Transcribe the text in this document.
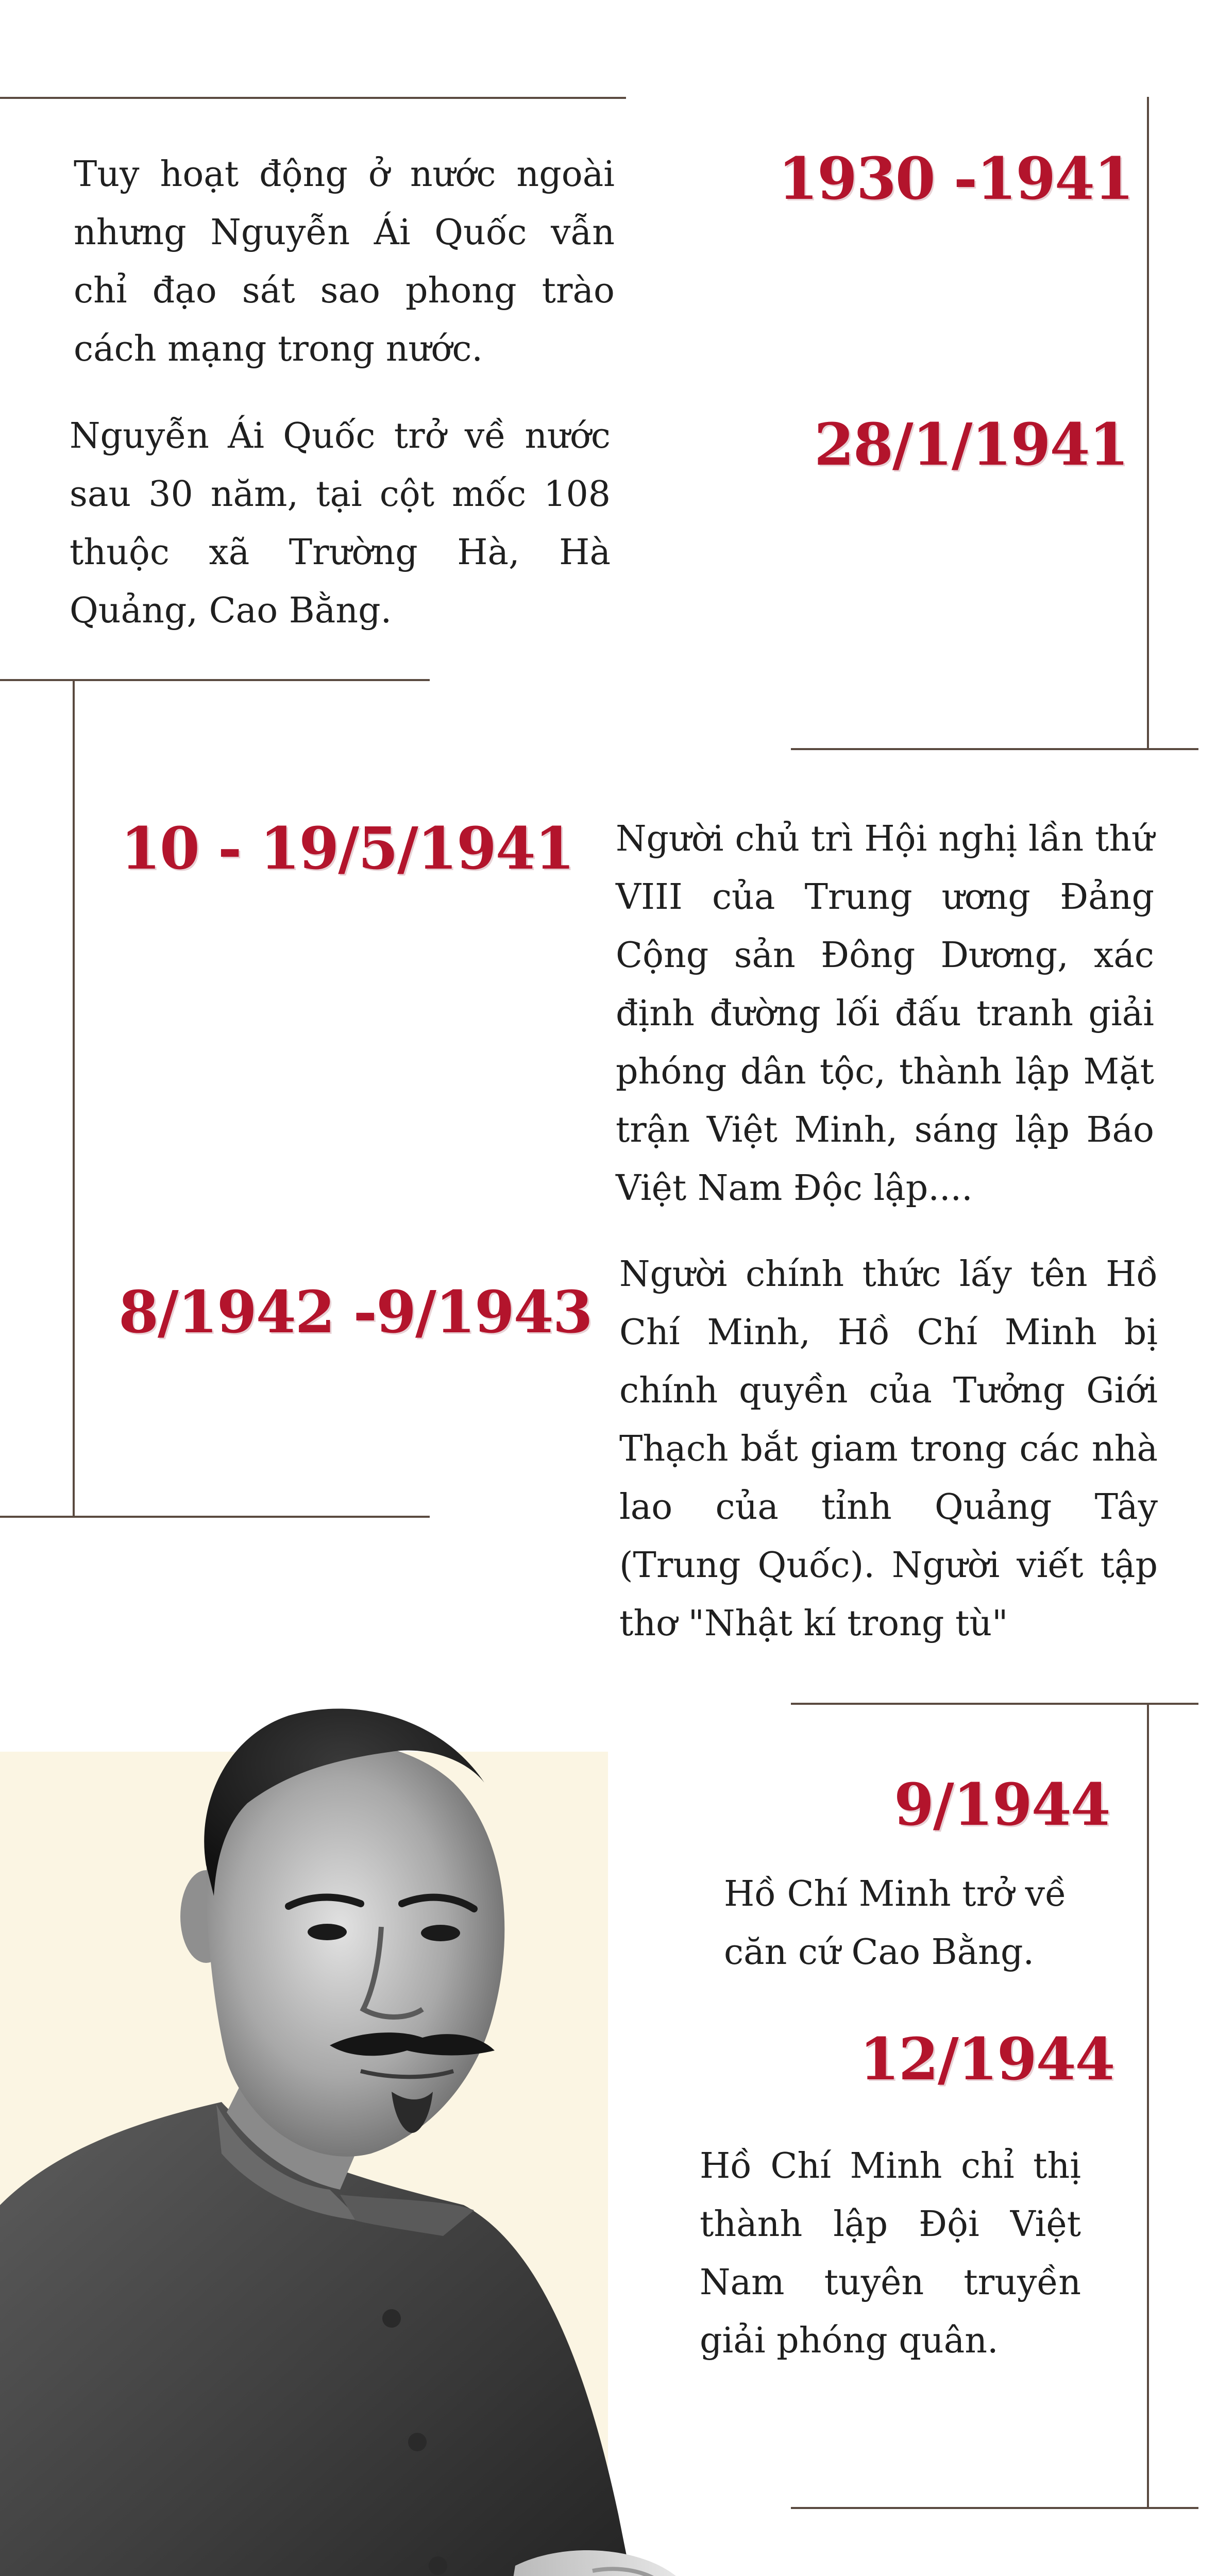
1930 -1941
Tuy hoạt động ở nước ngoài nhưng Nguyễn Ái Quốc vẫn chỉ đạo sát sao phong trào cách mạng trong nước.
28/1/1941
Nguyễn Ái Quốc trở về nước sau 30 năm, tại cột mốc 108 thuộc xã Trường Hà, Hà Quảng, Cao Bằng.
10 - 19/5/1941 Người chủ trì Hội nghị lần thứ VIII của Trung ương Đảng Cộng sản Đông Dương, xác định đường lối đấu tranh giải phóng dân tộc, thành lập Mặt trận Việt Minh, sáng lập Báo Việt Nam Độc lập....
8/1942 -9/1943
Người chính thức lấy tên Hồ Chí Minh, Hồ Chí Minh bị chính quyền của Tưởng Giới Thạch bắt giam trong các nhà lao của tỉnh Quảng Tây (Trung Quốc). Người viết tập thơ "Nhật kí trong tù"
9/1944
Hồ Chí Minh trở về căn cứ Cao Bằng.
12/1944
Hồ Chí Minh chỉ thị thành lập Đội Việt Nam tuyên truyền giải phóng quân.
